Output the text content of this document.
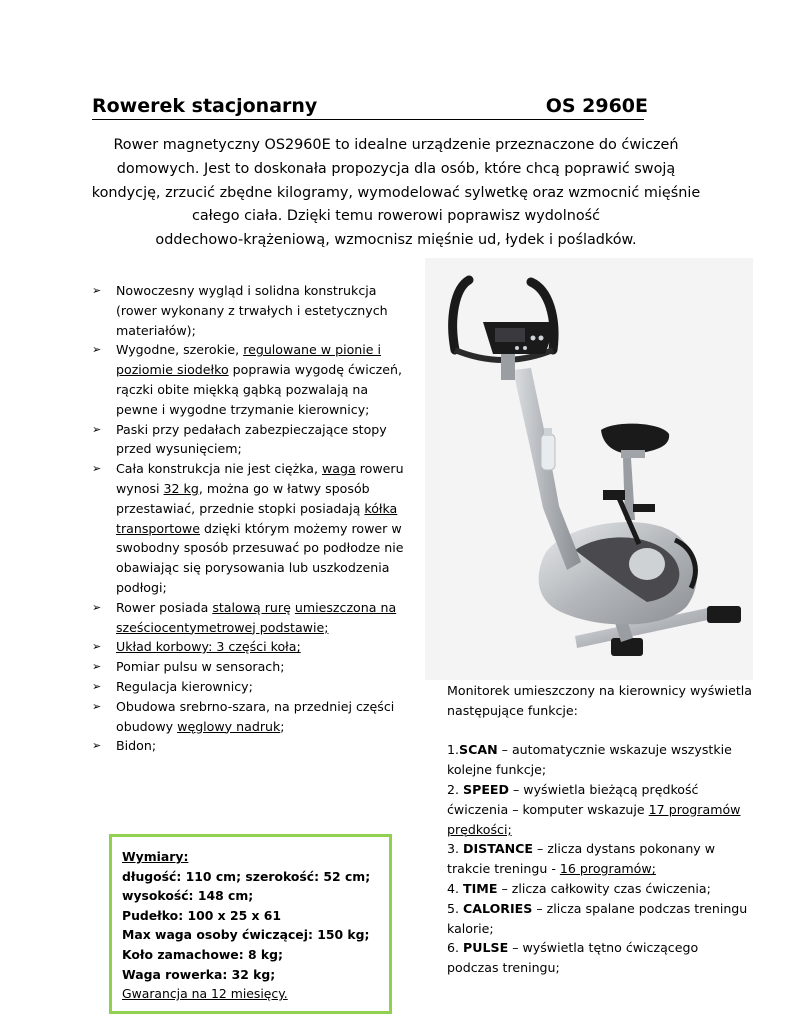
Rowerek stacjonarny	OS 2960E
Rower magnetyczny OS2960E to idealne urządzenie przeznaczone do ćwiczeń
domowych. Jest to doskonała propozycja dla osób, które chcą poprawić swoją
kondycję, zrzucić zbędne kilogramy, wymodelować sylwetkę oraz wzmocnić mięśnie
całego ciała. Dzięki temu rowerowi poprawisz wydolność
oddechowo-krążeniową, wzmocnisz mięśnie ud, łydek i pośladków.
➢ Nowoczesny wygląd i solidna konstrukcja (rower wykonany z trwałych i estetycznych materiałów);
➢ Wygodne, szerokie, regulowane w pionie i poziomie siodełko poprawia wygodę ćwiczeń, rączki obite miękką gąbką pozwalają na pewne i wygodne trzymanie kierownicy;
➢ Paski przy pedałach zabezpieczające stopy przed wysunięciem;
➢ Cała konstrukcja nie jest ciężka, waga roweru wynosi 32 kg, można go w łatwy sposób przestawiać, przednie stopki posiadają kółka transportowe dzięki którym możemy rower w swobodny sposób przesuwać po podłodze nie obawiając się porysowania lub uszkodzenia podłogi;
➢ Rower posiada stalową rurę umieszczona na sześciocentymetrowej podstawie;
➢ Układ korbowy: 3 części koła;
➢ Pomiar pulsu w sensorach;
➢ Regulacja kierownicy;
➢ Obudowa srebrno-szara, na przedniej części obudowy węglowy nadruk;
➢ Bidon;

Monitorek umieszczony na kierownicy wyświetla następujące funkcje:

1.SCAN – automatycznie wskazuje wszystkie kolejne funkcje;

2. SPEED – wyświetla bieżącą prędkość ćwiczenia – komputer wskazuje 17 programów prędkości;

3. DISTANCE – zlicza dystans pokonany w trakcie treningu - 16 programów;

4. TIME – zlicza całkowity czas ćwiczenia;

5. CALORIES – zlicza spalane podczas treningu kalorie;

6. PULSE – wyświetla tętno ćwiczącego podczas treningu;

Wymiary:
długość: 110 cm; szerokość: 52 cm;
wysokość: 148 cm;
Pudełko: 100 x 25 x 61
Max waga osoby ćwiczącej: 150 kg;
Koło zamachowe: 8 kg;
Waga rowerka: 32 kg;
Gwarancja na 12 miesięcy.
